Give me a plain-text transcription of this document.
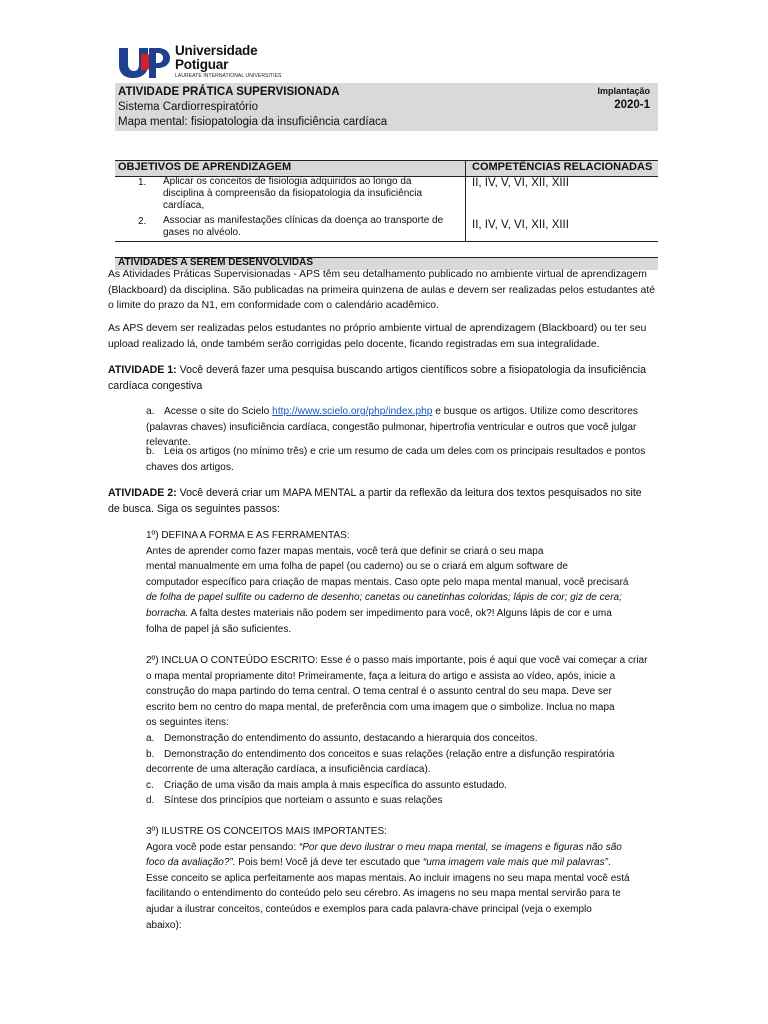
Universidade
Potiguar
LAUREATE INTERNATIONAL UNIVERSITIES
ATIVIDADE PRÁTICA SUPERVISIONADA
Sistema Cardiorrespiratório
Mapa mental: fisiopatologia da insuficiência cardíaca
Implantação
2020-1
OBJETIVOS DE APRENDIZAGEM	COMPETÊNCIAS RELACIONADAS
1. Aplicar os conceitos de fisiologia adquiridos ao longo da
disciplina à compreensão da fisiopatologia da insuficiência
cardíaca,
II, IV, V, VI, XII, XIII
2. Associar as manifestações clínicas da doença ao transporte de
gases no alvéolo.
II, IV, V, VI, XII, XIII
ATIVIDADES A SEREM DESENVOLVIDAS
As Atividades Práticas Supervisionadas - APS têm seu detalhamento publicado no ambiente virtual de aprendizagem
(Blackboard) da disciplina. São publicadas na primeira quinzena de aulas e devem ser realizadas pelos estudantes até
o limite do prazo da N1, em conformidade com o calendário acadêmico.
As APS devem ser realizadas pelos estudantes no próprio ambiente virtual de aprendizagem (Blackboard) ou ter seu
upload realizado lá, onde também serão corrigidas pelo docente, ficando registradas em sua integralidade.
ATIVIDADE 1: Você deverá fazer uma pesquisa buscando artigos científicos sobre a fisiopatologia da insuficiência
cardíaca congestiva
a. Acesse o site do Scielo http://www.scielo.org/php/index.php e busque os artigos. Utilize como descritores
(palavras chaves) insuficiência cardíaca, congestão pulmonar, hipertrofia ventricular e outros que você julgar
relevante.
b. Leia os artigos (no mínimo três) e crie um resumo de cada um deles com os principais resultados e pontos
chaves dos artigos.
ATIVIDADE 2: Você deverá criar um MAPA MENTAL a partir da reflexão da leitura dos textos pesquisados no site
de busca. Siga os seguintes passos:
1º) DEFINA A FORMA E AS FERRAMENTAS:
Antes de aprender como fazer mapas mentais, você terá que definir se criará o seu mapa
mental manualmente em uma folha de papel (ou caderno) ou se o criará em algum software de
computador específico para criação de mapas mentais. Caso opte pelo mapa mental manual, você precisará
de folha de papel sulfite ou caderno de desenho; canetas ou canetinhas coloridas; lápis de cor; giz de cera;
borracha. A falta destes materiais não podem ser impedimento para você, ok?! Alguns lápis de cor e uma
folha de papel já são suficientes.
2º) INCLUA O CONTEÚDO ESCRITO: Esse é o passo mais importante, pois é aqui que você vai começar a criar
o mapa mental propriamente dito! Primeiramente, faça a leitura do artigo e assista ao vídeo, após, inicie a
construção do mapa partindo do tema central. O tema central é o assunto central do seu mapa. Deve ser
escrito bem no centro do mapa mental, de preferência com uma imagem que o simbolize. Inclua no mapa
os seguintes itens:
a. Demonstração do entendimento do assunto, destacando a hierarquia dos conceitos.
b. Demonstração do entendimento dos conceitos e suas relações (relação entre a disfunção respiratória
decorrente de uma alteração cardíaca, a insuficiência cardíaca).
c. Criação de uma visão da mais ampla à mais específica do assunto estudado.
d. Síntese dos princípios que norteiam o assunto e suas relações
3º) ILUSTRE OS CONCEITOS MAIS IMPORTANTES:
Agora você pode estar pensando: “Por que devo ilustrar o meu mapa mental, se imagens e figuras não são
foco da avaliação?”. Pois bem! Você já deve ter escutado que “uma imagem vale mais que mil palavras”.
Esse conceito se aplica perfeitamente aos mapas mentais. Ao incluir imagens no seu mapa mental você está
facilitando o entendimento do conteúdo pelo seu cérebro. As imagens no seu mapa mental servirão para te
ajudar a ilustrar conceitos, conteúdos e exemplos para cada palavra-chave principal (veja o exemplo
abaixo):
